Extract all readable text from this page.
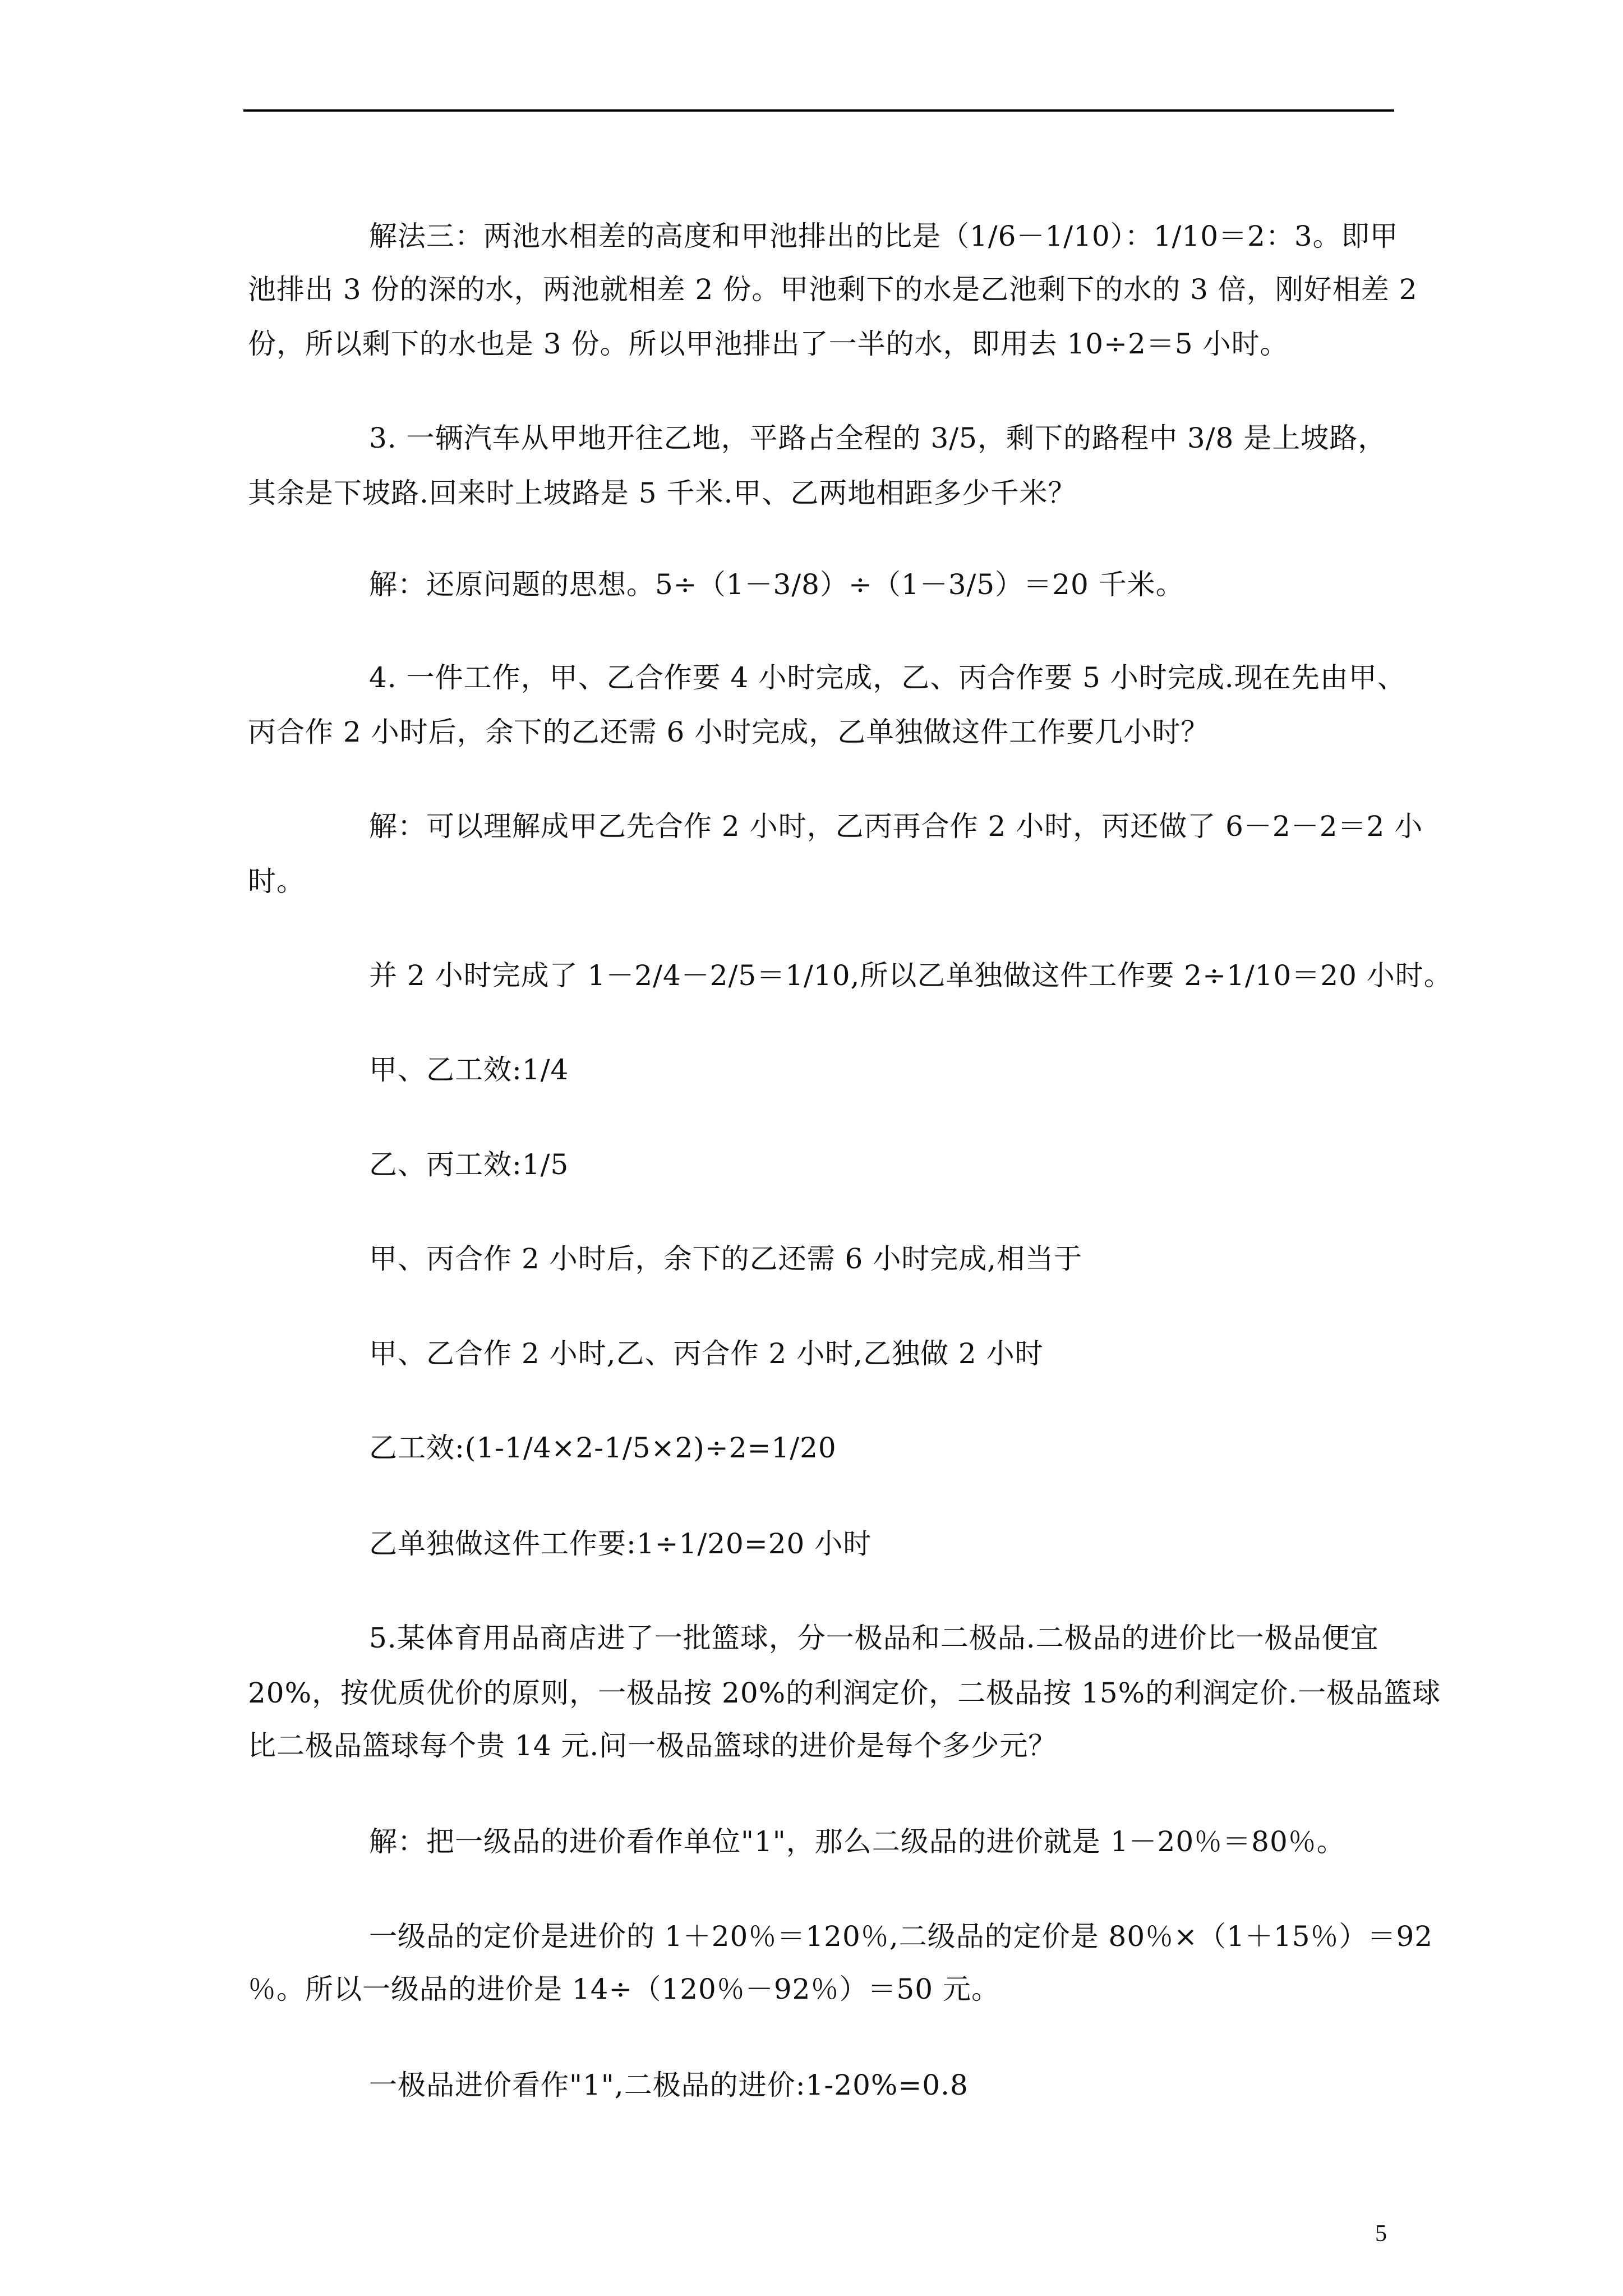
解法三：两池水相差的高度和甲池排出的比是（1/6－1/10）：1/10＝2：3。即甲
池排出 3 份的深的水，两池就相差 2 份。甲池剩下的水是乙池剩下的水的 3 倍，刚好相差 2
份，所以剩下的水也是 3 份。所以甲池排出了一半的水，即用去 10÷2＝5 小时。
3. 一辆汽车从甲地开往乙地，平路占全程的 3/5，剩下的路程中 3/8 是上坡路，
其余是下坡路.回来时上坡路是 5 千米.甲、乙两地相距多少千米？
解：还原问题的思想。5÷（1－3/8）÷（1－3/5）＝20 千米。
4. 一件工作，甲、乙合作要 4 小时完成，乙、丙合作要 5 小时完成.现在先由甲、
丙合作 2 小时后，余下的乙还需 6 小时完成，乙单独做这件工作要几小时？
解：可以理解成甲乙先合作 2 小时，乙丙再合作 2 小时，丙还做了 6－2－2＝2 小
时。
并 2 小时完成了 1－2/4－2/5＝1/10,所以乙单独做这件工作要 2÷1/10＝20 小时。
甲、乙工效:1/4
乙、丙工效:1/5
甲、丙合作 2 小时后，余下的乙还需 6 小时完成,相当于
甲、乙合作 2 小时,乙、丙合作 2 小时,乙独做 2 小时
乙工效:(1-1/4×2-1/5×2)÷2=1/20
乙单独做这件工作要:1÷1/20=20 小时
5.某体育用品商店进了一批篮球，分一极品和二极品.二极品的进价比一极品便宜
20%，按优质优价的原则，一极品按 20%的利润定价，二极品按 15%的利润定价.一极品篮球
比二极品篮球每个贵 14 元.问一极品篮球的进价是每个多少元？
解：把一级品的进价看作单位"1"，那么二级品的进价就是 1－20％＝80％。
一级品的定价是进价的 1＋20％＝120％,二级品的定价是 80％×（1＋15％）＝92
％。所以一级品的进价是 14÷（120％－92％）＝50 元。
一极品进价看作"1",二极品的进价:1-20%=0.8
5
